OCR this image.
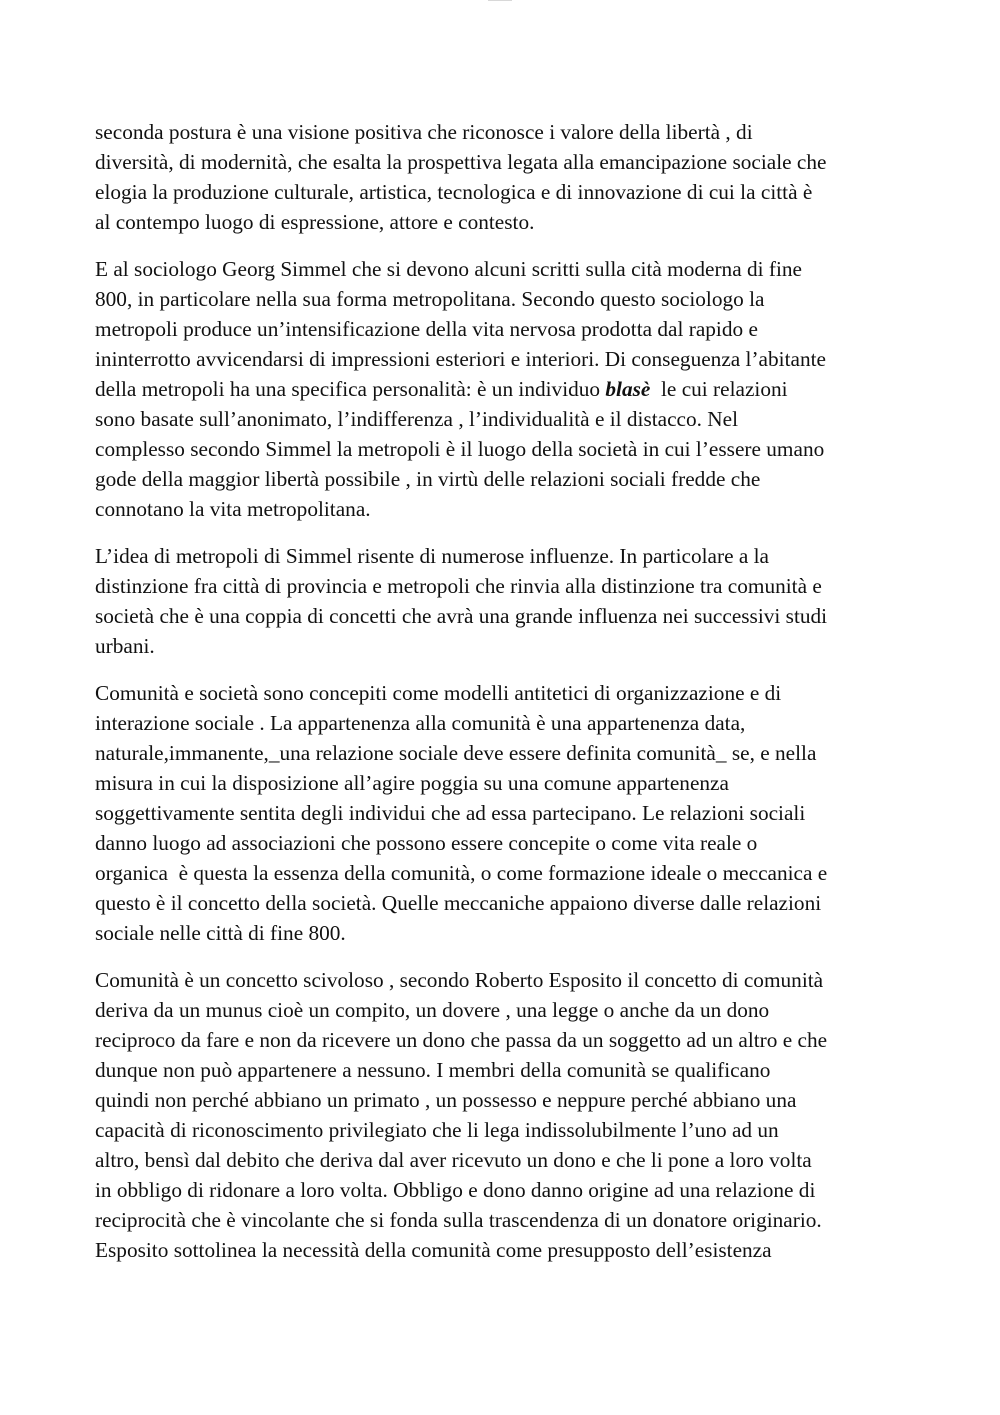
seconda postura è una visione positiva che riconosce i valore della libertà , di
diversità, di modernità, che esalta la prospettiva legata alla emancipazione sociale che
elogia la produzione culturale, artistica, tecnologica e di innovazione di cui la città è
al contempo luogo di espressione, attore e contesto.

E al sociologo Georg Simmel che si devono alcuni scritti sulla cità moderna di fine
800, in particolare nella sua forma metropolitana. Secondo questo sociologo la
metropoli produce un’intensificazione della vita nervosa prodotta dal rapido e
ininterrotto avvicendarsi di impressioni esteriori e interiori. Di conseguenza l’abitante
della metropoli ha una specifica personalità: è un individuo blasè  le cui relazioni
sono basate sull’anonimato, l’indifferenza , l’individualità e il distacco. Nel
complesso secondo Simmel la metropoli è il luogo della società in cui l’essere umano
gode della maggior libertà possibile , in virtù delle relazioni sociali fredde che
connotano la vita metropolitana.

L’idea di metropoli di Simmel risente di numerose influenze. In particolare a la
distinzione fra città di provincia e metropoli che rinvia alla distinzione tra comunità e
società che è una coppia di concetti che avrà una grande influenza nei successivi studi
urbani.

Comunità e società sono concepiti come modelli antitetici di organizzazione e di
interazione sociale . La appartenenza alla comunità è una appartenenza data,
naturale,immanente,_una relazione sociale deve essere definita comunità_ se, e nella
misura in cui la disposizione all’agire poggia su una comune appartenenza
soggettivamente sentita degli individui che ad essa partecipano. Le relazioni sociali
danno luogo ad associazioni che possono essere concepite o come vita reale o
organica  è questa la essenza della comunità, o come formazione ideale o meccanica e
questo è il concetto della società. Quelle meccaniche appaiono diverse dalle relazioni
sociale nelle città di fine 800.

Comunità è un concetto scivoloso , secondo Roberto Esposito il concetto di comunità
deriva da un munus cioè un compito, un dovere , una legge o anche da un dono
reciproco da fare e non da ricevere un dono che passa da un soggetto ad un altro e che
dunque non può appartenere a nessuno. I membri della comunità se qualificano
quindi non perché abbiano un primato , un possesso e neppure perché abbiano una
capacità di riconoscimento privilegiato che li lega indissolubilmente l’uno ad un
altro, bensì dal debito che deriva dal aver ricevuto un dono e che li pone a loro volta
in obbligo di ridonare a loro volta. Obbligo e dono danno origine ad una relazione di
reciprocità che è vincolante che si fonda sulla trascendenza di un donatore originario.
Esposito sottolinea la necessità della comunità come presupposto dell’esistenza
